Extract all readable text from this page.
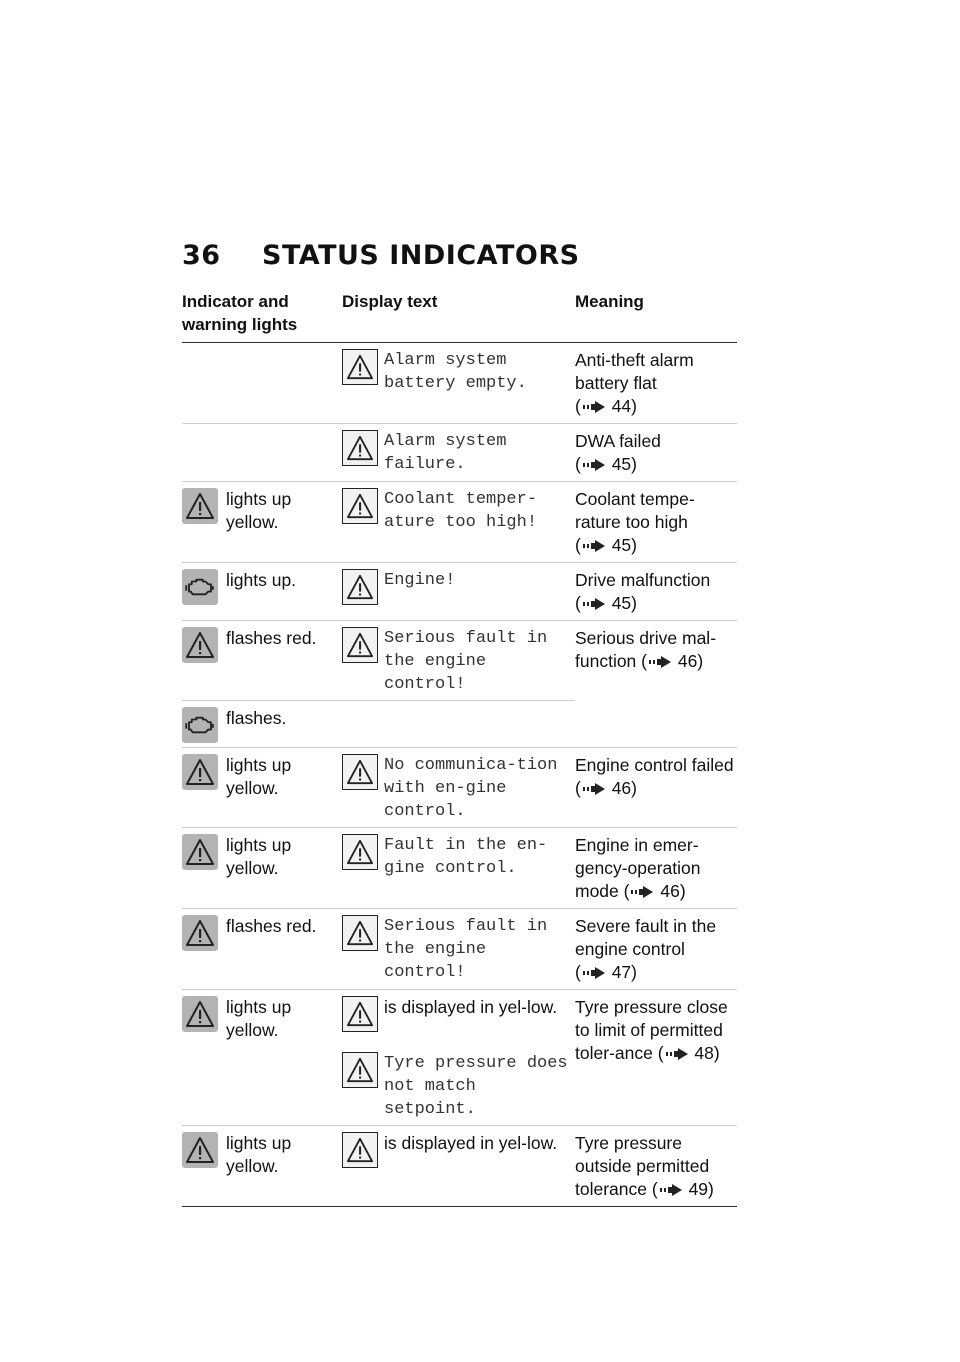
36	STATUS INDICATORS
Indicator and warning lights	Display text	Meaning

	Alarm system battery empty.	Anti-theft alarm battery flat
( 44)

	Alarm system failure.	DWA failed
( 45)

lights up yellow.	Coolant temper-ature too high!	Coolant tempe-rature too high
( 45)

lights up.	Engine!	Drive malfunction
( 45)

flashes red.	Serious fault in the engine control!	Serious drive mal-function ( 46)

flashes.		

lights up yellow.	No communica-tion with en-gine control.	Engine control failed ( 46)

lights up yellow.	Fault in the en-gine control.	Engine in emer-gency-operation mode ( 46)

flashes red.	Serious fault in the engine control!	Severe fault in the engine control
( 47)

lights up yellow.	is displayed in yel-low.	Tyre pressure close to limit of permitted toler-ance ( 48)

	Tyre pressure does not match setpoint.	

lights up yellow.	is displayed in yel-low.	Tyre pressure outside permitted tolerance ( 49)
